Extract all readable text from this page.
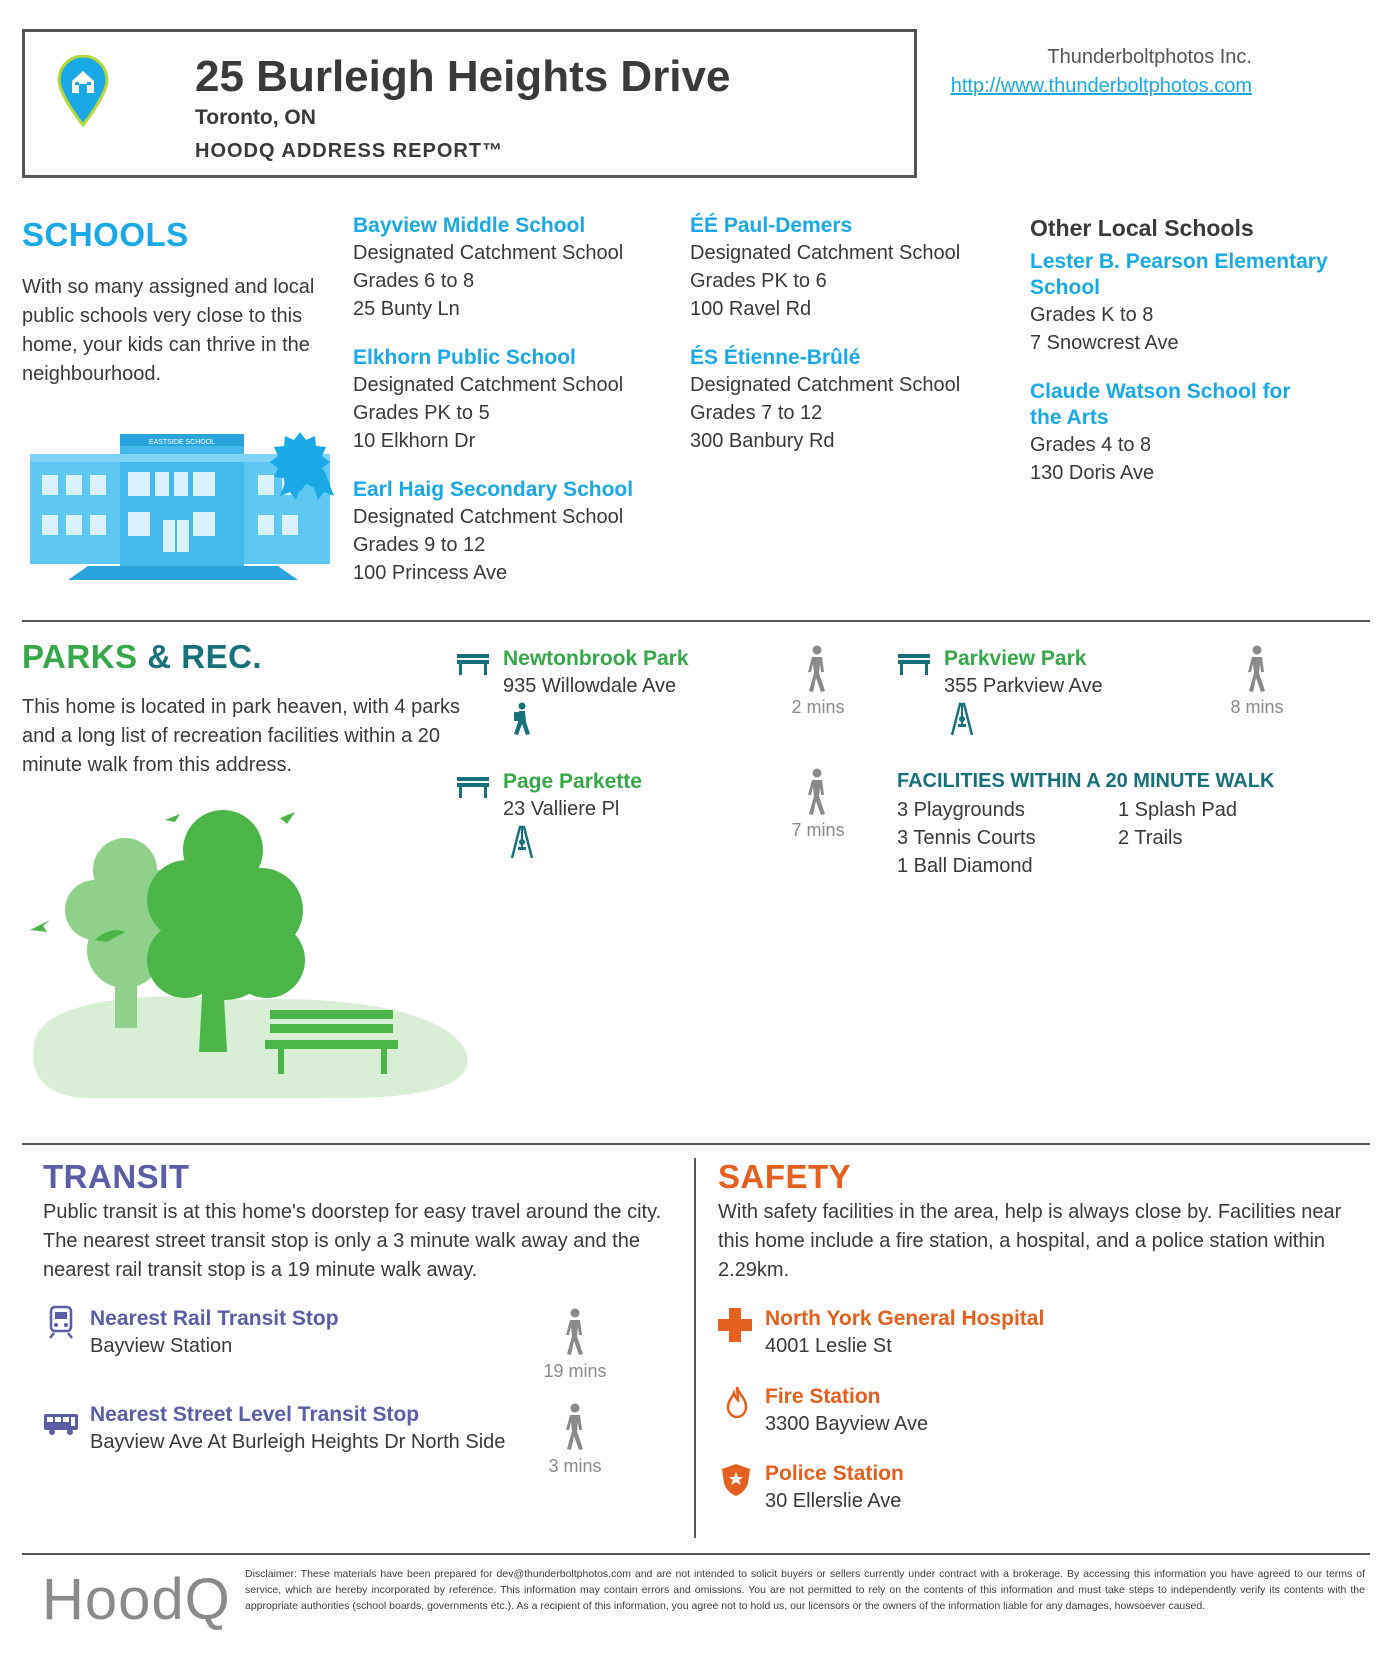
25 Burleigh Heights Drive
Toronto, ON
HOODQ ADDRESS REPORT™
Thunderboltphotos Inc.
http://www.thunderboltphotos.com
SCHOOLS
With so many assigned and local public schools very close to this home, your kids can thrive in the neighbourhood.
EASTSIDE SCHOOL
Bayview Middle School
Designated Catchment School
Grades 6 to 8
25 Bunty Ln
Elkhorn Public School
Designated Catchment School
Grades PK to 5
10 Elkhorn Dr
Earl Haig Secondary School
Designated Catchment School
Grades 9 to 12
100 Princess Ave
ÉÉ Paul-Demers
Designated Catchment School
Grades PK to 6
100 Ravel Rd
ÉS Étienne-Brûlé
Designated Catchment School
Grades 7 to 12
300 Banbury Rd
Other Local Schools
Lester B. Pearson Elementary
School
Grades K to 8
7 Snowcrest Ave
Claude Watson School for
the Arts
Grades 4 to 8
130 Doris Ave
PARKS & REC.
This home is located in park heaven, with 4 parks and a long list of recreation facilities within a 20 minute walk from this address.
Newtonbrook Park
935 Willowdale Ave
2 mins
Parkview Park
355 Parkview Ave
8 mins
Page Parkette
23 Valliere Pl
7 mins
FACILITIES WITHIN A 20 MINUTE WALK
3 Playgrounds
3 Tennis Courts
1 Ball Diamond
1 Splash Pad
2 Trails
TRANSIT
Public transit is at this home's doorstep for easy travel around the city. The nearest street transit stop is only a 3 minute walk away and the nearest rail transit stop is a 19 minute walk away.
Nearest Rail Transit Stop
Bayview Station
19 mins
Nearest Street Level Transit Stop
Bayview Ave At Burleigh Heights Dr North Side
3 mins
SAFETY
With safety facilities in the area, help is always close by. Facilities near this home include a fire station, a hospital, and a police station within 2.29km.
North York General Hospital
4001 Leslie St
Fire Station
3300 Bayview Ave
Police Station
30 Ellerslie Ave
HoodQ Disclaimer: These materials have been prepared for dev@thunderboltphotos.com and are not intended to solicit buyers or sellers currently under contract with a brokerage. By accessing this information you have agreed to our terms of service, which are hereby incorporated by reference. This information may contain errors and omissions. You are not permitted to rely on the contents of this information and must take steps to independently verify its contents with the appropriate authorities (school boards, governments etc.). As a recipient of this information, you agree not to hold us, our licensors or the owners of the information liable for any damages, howsoever caused.
